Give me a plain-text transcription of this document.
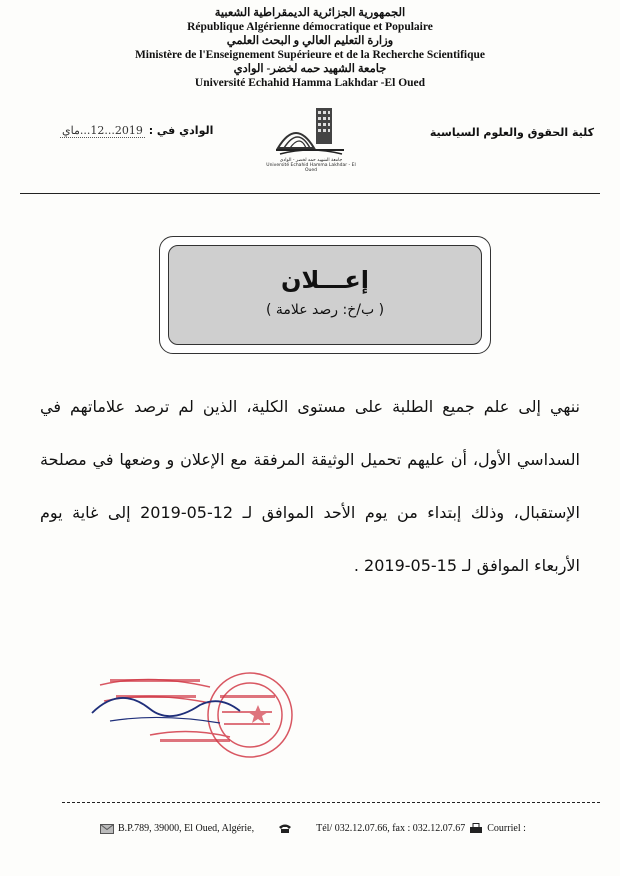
الجمهورية الجزائرية الديمقراطية الشعبية
République Algérienne démocratique et Populaire
وزارة التعليم العالي و البحث العلمي
Ministère de l'Enseignement Supérieure et de la Recherche Scientifique
جامعة الشهيد حمه لخضر- الوادي
Université Echahid Hamma Lakhdar -El Oued
كلية الحقوق والعلوم السياسية
الوادي في : 2019...12...ماي
جامعة الشهيد حمه لخضر - الوادي
Université Echahid Hamma Lakhdar - El Oued
إعـــلان
( ب/خ: رصد علامة )
ننهي إلى علم جميع الطلبة على مستوى الكلية، الذين لم ترصد علاماتهم في السداسي الأول، أن عليهم تحميل الوثيقة المرفقة مع الإعلان و وضعها في مصلحة الإستقبال، وذلك إبتداء من يوم الأحد الموافق لـ 12-05-2019 إلى غاية يوم الأربعاء الموافق لـ 15-05-2019 .
B.P.789, 39000, El Oued, Algérie,	Tél/ 032.12.07.66, fax : 032.12.07.67 Courriel :
